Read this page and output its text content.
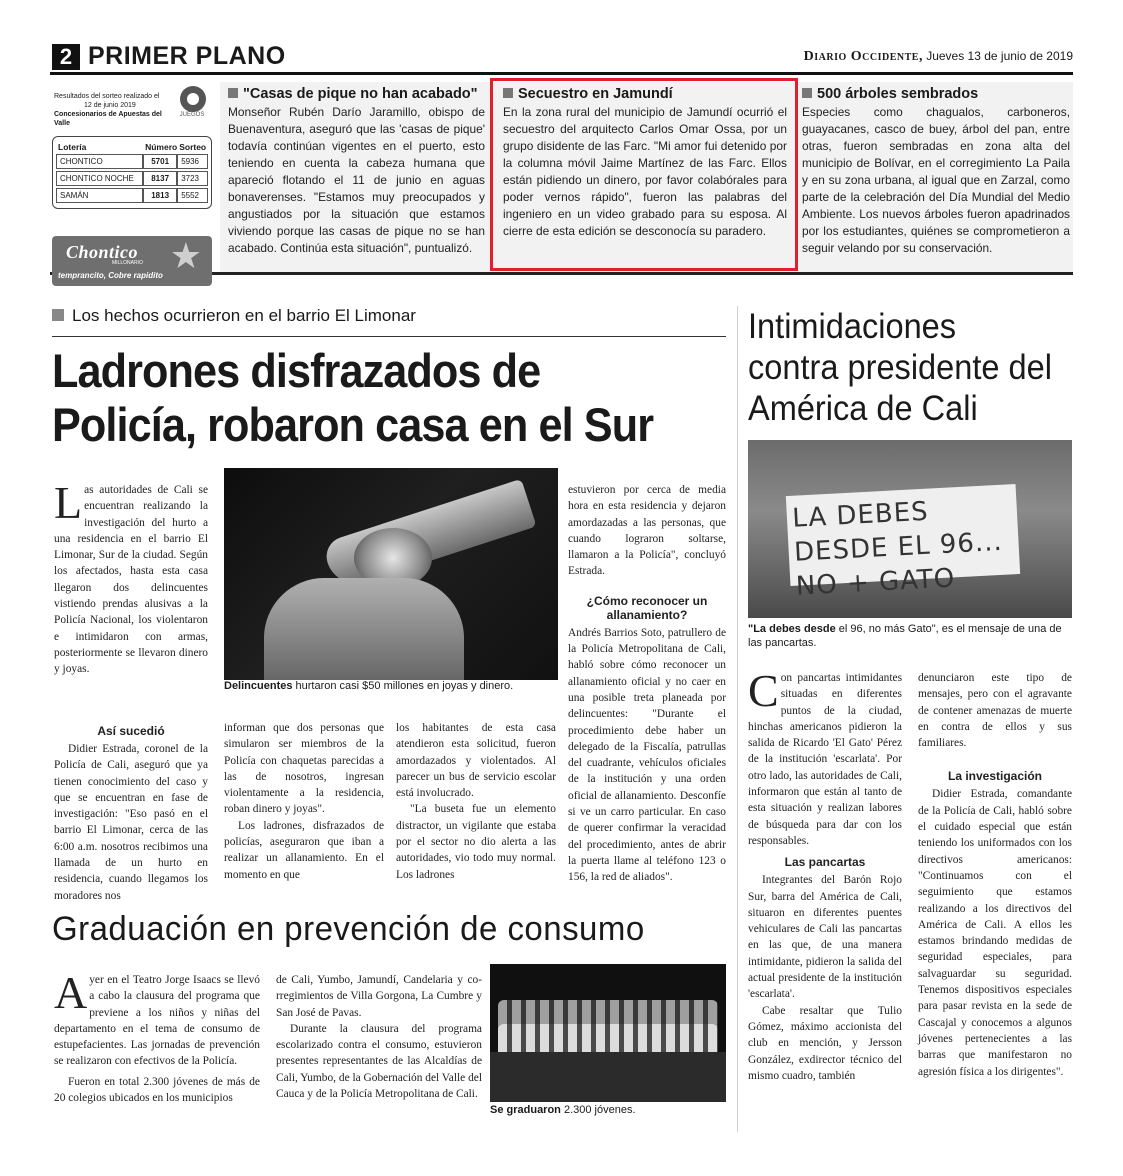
2 PRIMER PLANO	Diario Occidente, Jueves 13 de junio de 2019
Resultados del sorteo realizado el
12 de junio 2019
Concesionarios de Apuestas del Valle
JUEGOS
Lotería	Número	Sorteo
CHONTICO	5701	5936
CHONTICO NOCHE	8137	3723
SAMÁN	1813	5552
Chontico
MILLONARIO
temprancito, Cobre rapidito ★
"Casas de pique no han acabado"

Monseñor Rubén Darío Jaramillo, obispo de Buenaventura, aseguró que las 'casas de pique' todavía continúan vigentes en el puerto, esto teniendo en cuenta la cabeza humana que apareció flotando el 11 de junio en aguas bonaverenses. "Estamos muy preocupados y angustiados por la situación que estamos viviendo porque las casas de pique no se han acabado. Continúa esta situación", puntualizó.

Secuestro en Jamundí

En la zona rural del municipio de Jamundí ocurrió el secuestro del arquitecto Carlos Omar Ossa, por un grupo disidente de las Farc. "Mi amor fui detenido por la columna móvil Jaime Martínez de las Farc. Ellos están pidiendo un dinero, por favor colabórales para poder vernos rápido", fueron las palabras del ingeniero en un video grabado para su esposa. Al cierre de esta edición se desconocía su paradero.

500 árboles sembrados

Especies como chagualos, carboneros, guayacanes, casco de buey, árbol del pan, entre otras, fueron sembradas en zona alta del municipio de Bolívar, en el corregimiento La Paila y en su zona urbana, al igual que en Zarzal, como parte de la celebración del Día Mundial del Medio Ambiente. Los nuevos árboles fueron apadrinados por los estudiantes, quiénes se comprometieron a seguir velando por su conservación.

Los hechos ocurrieron en el barrio El Limonar
Ladrones disfrazados de Policía, robaron casa en el Sur
Las autoridades de Cali se encuentran realizando la investigación del hurto a una residencia en el barrio El Limonar, Sur de la ciudad. Según los afectados, hasta esta casa llegaron dos delincuentes vistiendo prendas alusivas a la Policía Nacional, los violentaron e intimidaron con armas, posteriormente se llevaron dinero y joyas.
Así sucedió

Didier Estrada, coronel de la Policía de Cali, aseguró que ya tienen conocimiento del caso y que se encuentran en fase de investigación: "Eso pasó en el barrio El Limonar, cerca de las 6:00 a.m. nosotros recibimos una llamada de un hurto en residencia, cuando llegamos los moradores nos

Delincuentes hurtaron casi $50 millones en joyas y dinero.

informan que dos personas que simularon ser miembros de la Policía con chaquetas parecidas a las de nosotros, ingresan violentamente a la residencia, roban dinero y joyas".

Los ladrones, disfrazados de policías, aseguraron que iban a realizar un allanamiento. En el momento en que

los habitantes de esta casa atendieron esta solicitud, fueron amordazados y violentados. Al parecer un bus de servicio escolar está involucrado.

"La buseta fue un elemento distractor, un vigilante que estaba por el sector no dio alerta a las autoridades, vio todo muy normal. Los ladrones

estuvieron por cerca de media hora en esta residencia y dejaron amordazadas a las personas, que cuando lograron soltarse, llamaron a la Policía", concluyó Estrada.

¿Cómo reconocer un allanamiento?

Andrés Barrios Soto, patrullero de la Policía Metropolitana de Cali, habló sobre cómo reconocer un allanamiento oficial y no caer en una posible treta planeada por delincuentes: "Durante el procedimiento debe haber un delegado de la Fiscalía, patrullas del cuadrante, vehículos oficiales de la institución y una orden oficial de allanamiento. Desconfíe si ve un carro particular. En caso de querer confirmar la veracidad del procedimiento, antes de abrir la puerta llame al teléfono 123 o 156, la red de aliados".

Intimidaciones contra presidente del América de Cali
LA DEBES DESDE EL 96... NO + GATO
"La debes desde el 96, no más Gato", es el mensaje de una de las pancartas.
Con pancartas intimidantes situadas en diferentes puntos de la ciudad, hinchas americanos pidieron la salida de Ricardo 'El Gato' Pérez de la institución 'escarlata'. Por otro lado, las autoridades de Cali, informaron que están al tanto de esta situación y realizan labores de búsqueda para dar con los responsables.
Las pancartas

Integrantes del Barón Rojo Sur, barra del América de Cali, situaron en diferentes puentes vehiculares de Cali las pancartas en las que, de una manera intimidante, pidieron la salida del actual presidente de la institución 'escarlata'.

Cabe resaltar que Tulio Gómez, máximo accionista del club en mención, y Jersson González, exdirector técnico del mismo cuadro, también

denunciaron este tipo de mensajes, pero con el agravante de contener amenazas de muerte en contra de ellos y sus familiares.

La investigación

Didier Estrada, comandante de la Policía de Cali, habló sobre el cuidado especial que están teniendo los uniformados con los directivos americanos: "Continuamos con el seguimiento que estamos realizando a los directivos del América de Cali. A ellos les estamos brindando medidas de seguridad especiales, para salvaguardar su seguridad. Tenemos dispositivos especiales para pasar revista en la sede de Cascajal y conocemos a algunos jóvenes pertenecientes a las barras que manifestaron no agresión física a los dirigentes".

Graduación en prevención de consumo
Ayer en el Teatro Jorge Isaacs se llevó a cabo la clausura del programa que previene a los niños y niñas del departamento en el tema de consumo de estupefacientes. Las jornadas de prevención se realizaron con efectivos de la Policía.

Fueron en total 2.300 jóvenes de más de 20 colegios ubicados en los municipios

de Cali, Yumbo, Jamundí, Candelaria y co-rregimientos de Villa Gorgona, La Cumbre y San José de Pavas.

Durante la clausura del programa escolarizado contra el consumo, estuvieron presentes representantes de las Alcaldías de Cali, Yumbo, de la Gobernación del Valle del Cauca y de la Policía Metropolitana de Cali.

Se graduaron 2.300 jóvenes.
